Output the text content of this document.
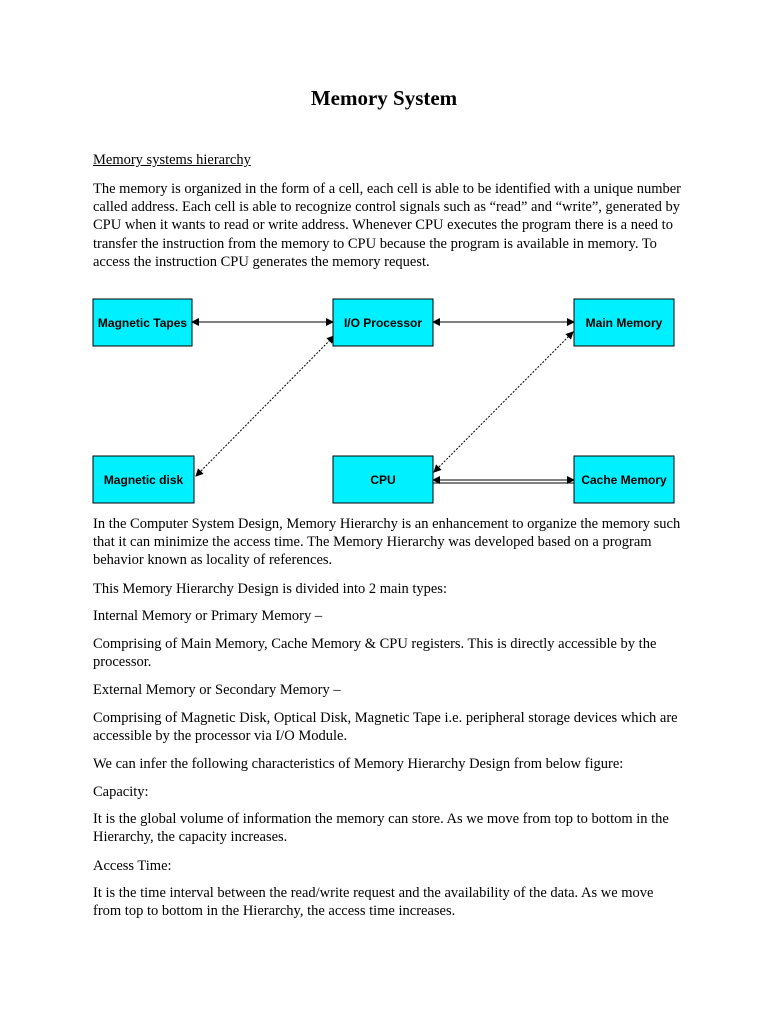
Memory System
Memory systems hierarchy

The memory is organized in the form of a cell, each cell is able to be identified with a unique number called address. Each cell is able to recognize control signals such as “read” and “write”, generated by CPU when it wants to read or write address. Whenever CPU executes the program there is a need to transfer the instruction from the memory to CPU because the program is available in memory. To access the instruction CPU generates the memory request.

Magnetic Tapes	I/O Processor	Main Memory
Magnetic disk	CPU	Cache Memory

In the Computer System Design, Memory Hierarchy is an enhancement to organize the memory such that it can minimize the access time. The Memory Hierarchy was developed based on a program behavior known as locality of references.

This Memory Hierarchy Design is divided into 2 main types:

Internal Memory or Primary Memory –

Comprising of Main Memory, Cache Memory & CPU registers. This is directly accessible by the processor.

External Memory or Secondary Memory –

Comprising of Magnetic Disk, Optical Disk, Magnetic Tape i.e. peripheral storage devices which are accessible by the processor via I/O Module.

We can infer the following characteristics of Memory Hierarchy Design from below figure:

Capacity:

It is the global volume of information the memory can store. As we move from top to bottom in the Hierarchy, the capacity increases.

Access Time:

It is the time interval between the read/write request and the availability of the data. As we move from top to bottom in the Hierarchy, the access time increases.
